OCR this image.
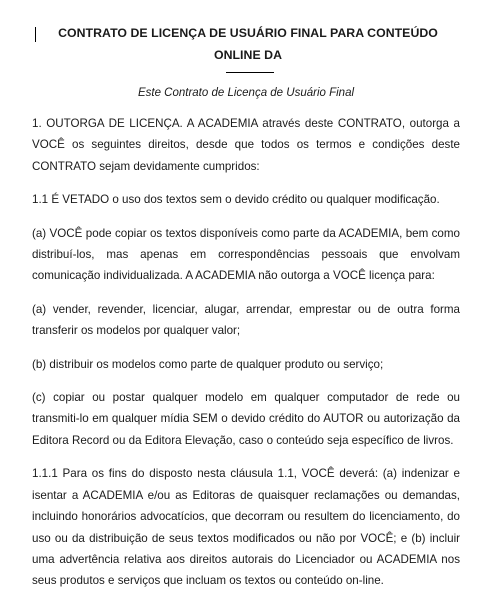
CONTRATO DE LICENÇA DE USUÁRIO FINAL PARA CONTEÚDO ONLINE DA

Este Contrato de Licença de Usuário Final

1. OUTORGA DE LICENÇA. A ACADEMIA através deste CONTRATO, outorga a VOCÊ os seguintes direitos, desde que todos os termos e condições deste CONTRATO sejam devidamente cumpridos:

1.1 É VETADO o uso dos textos sem o devido crédito ou qualquer modificação.

(a) VOCÊ pode copiar os textos disponíveis como parte da ACADEMIA, bem como distribuí-los, mas apenas em correspondências pessoais que envolvam comunicação individualizada. A ACADEMIA não outorga a VOCÊ licença para:

(a) vender, revender, licenciar, alugar, arrendar, emprestar ou de outra forma transferir os modelos por qualquer valor;

(b) distribuir os modelos como parte de qualquer produto ou serviço;

(c) copiar ou postar qualquer modelo em qualquer computador de rede ou transmiti-lo em qualquer mídia SEM o devido crédito do AUTOR ou autorização da Editora Record ou da Editora Elevação, caso o conteúdo seja específico de livros.

1.1.1 Para os fins do disposto nesta cláusula 1.1, VOCÊ deverá: (a) indenizar e isentar a ACADEMIA e/ou as Editoras de quaisquer reclamações ou demandas, incluindo honorários advocatícios, que decorram ou resultem do licenciamento, do uso ou da distribuição de seus textos modificados ou não por VOCÊ; e (b) incluir uma advertência relativa aos direitos autorais do Licenciador ou ACADEMIA nos seus produtos e serviços que incluam os textos ou conteúdo on-line.
